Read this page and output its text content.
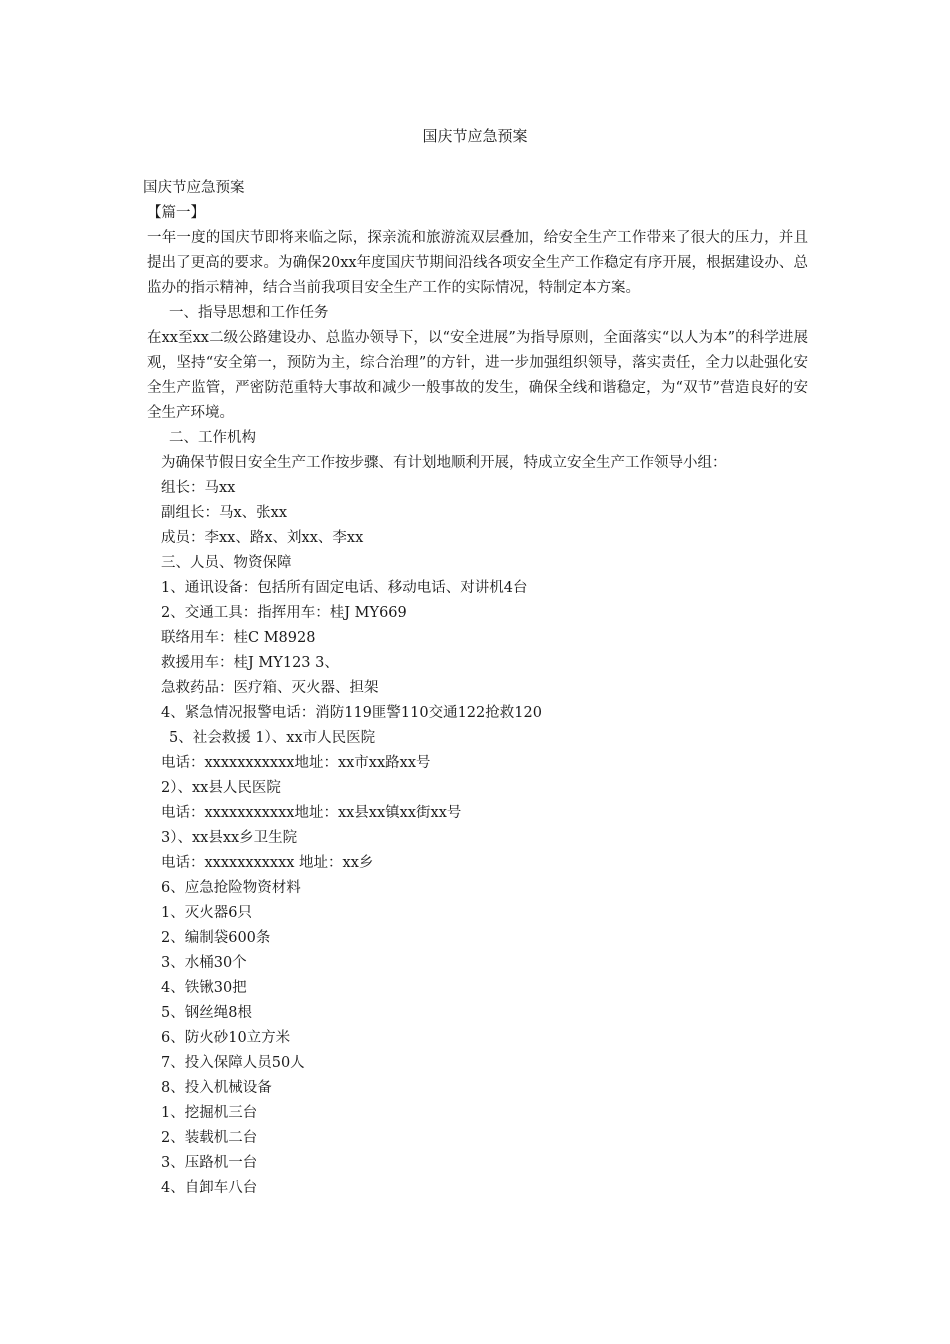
国庆节应急预案

国庆节应急预案

【篇一】

一年一度的国庆节即将来临之际，探亲流和旅游流双层叠加，给安全生产工作带来了很大的压力，并且提出了更高的要求。为确保20xx年度国庆节期间沿线各项安全生产工作稳定有序开展，根据建设办、总监办的指示精神，结合当前我项目安全生产工作的实际情况，特制定本方案。

一、指导思想和工作任务

在xx至xx二级公路建设办、总监办领导下，以“安全进展”为指导原则，全面落实“以人为本”的科学进展观，坚持“安全第一，预防为主，综合治理”的方针，进一步加强组织领导，落实责任，全力以赴强化安全生产监管，严密防范重特大事故和减少一般事故的发生，确保全线和谐稳定，为“双节”营造良好的安全生产环境。

二、工作机构

为确保节假日安全生产工作按步骤、有计划地顺利开展，特成立安全生产工作领导小组：

组长：马xx

副组长：马x、张xx

成员：李xx、路x、刘xx、李xx

三、人员、物资保障

1、通讯设备：包括所有固定电话、移动电话、对讲机4台

2、交通工具：指挥用车：桂J MY669

联络用车：桂C M8928

救援用车：桂J MY123 3、

急救药品：医疗箱、灭火器、担架

4、紧急情况报警电话：消防119匪警110交通122抢救120

5、社会救援 1）、xx市人民医院

电话：xxxxxxxxxxx地址：xx市xx路xx号

2）、xx县人民医院

电话：xxxxxxxxxxx地址：xx县xx镇xx街xx号

3）、xx县xx乡卫生院

电话：xxxxxxxxxxx 地址：xx乡

6、应急抢险物资材料

1、灭火器6只

2、编制袋600条

3、水桶30个

4、铁锹30把

5、钢丝绳8根

6、防火砂10立方米

7、投入保障人员50人

8、投入机械设备

1、挖掘机三台

2、装载机二台

3、压路机一台

4、自卸车八台
